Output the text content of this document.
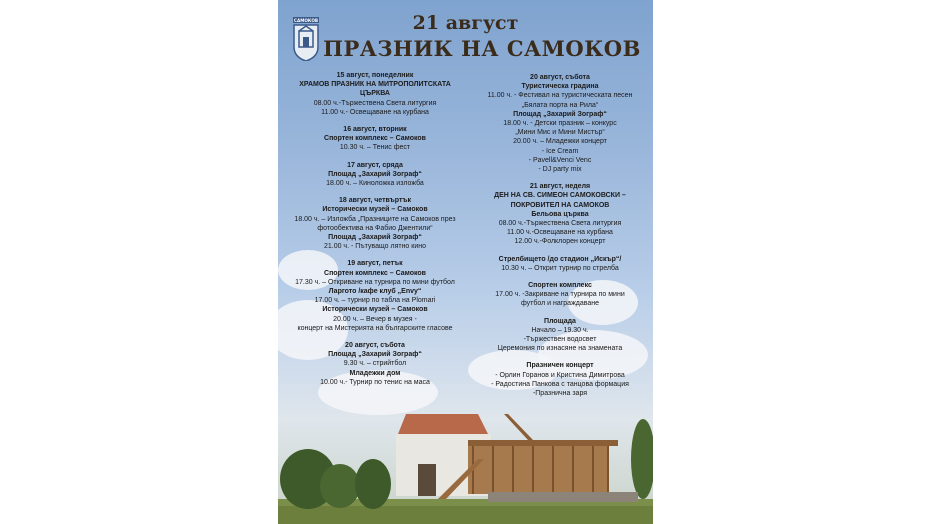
САМОКОВ	21 август
ПРАЗНИК НА САМОКОВ
15 август, понеделник
ХРАМОВ ПРАЗНИК НА МИТРОПОЛИТСКАТА ЦЪРКВА
08.00 ч.-Тържествена Света литургия
11.00 ч.- Освещаване на курбана
16 август, вторник
Спортен комплекс – Самоков
10.30 ч. – Тенис фест
17 август, сряда
Площад „Захарий Зограф“
18.00 ч. – Киноложка изложба
18 август, четвъртък
Исторически музей – Самоков
18.00 ч. – Изложба „Празниците на Самоков през
фотообектива на Фабио Джентили“
Площад „Захарий Зограф“
21.00 ч. - Пътуващо лятно кино
19 август, петък
Спортен комплекс – Самоков
17.30 ч. – Откриване на турнира по мини футбол
Ларгото /кафе клуб „Envy“
17.00 ч. – турнир по табла на Plomari
Исторически музей – Самоков
20.00 ч. – Вечер в музея -
концерт на Мистерията на българските гласове
20 август, събота
Площад „Захарий Зограф“
9.30 ч. – стрийтбол
Младежки дом
10.00 ч.- Турнир по тенис на маса
20 август, събота
Туристическа градина
11.00 ч. - Фестивал на туристическата песен
„Бялата порта на Рила“
Площад „Захарий Зограф“
18.00 ч. - Детски празник – конкурс
„Мини Мис и Мини Мистър“
20.00 ч. – Младежки концерт
- Ice Cream
- Pavell&Venci Venc
- DJ party mix
21 август, неделя
ДЕН НА СВ. СИМЕОН САМОКОВСКИ –
ПОКРОВИТЕЛ НА САМОКОВ
Бельова църква
08.00 ч.-Тържествена Света литургия
11.00 ч.-Освещаване на курбана
12.00 ч.-Фолклорен концерт
Стрелбището /до стадион „Искър“/
10.30 ч. – Открит турнир по стрелба
Спортен комплекс
17.00 ч. -Закриване на турнира по мини
футбол и награждаване
Площада
Начало – 19.30 ч.
-Тържествен водосвет
Церемония по изнасяне на знамената
Празничен концерт
- Орлин Горанов и Кристина Димитрова
- Радостина Панкова с танцова формация
-Празнична заря
